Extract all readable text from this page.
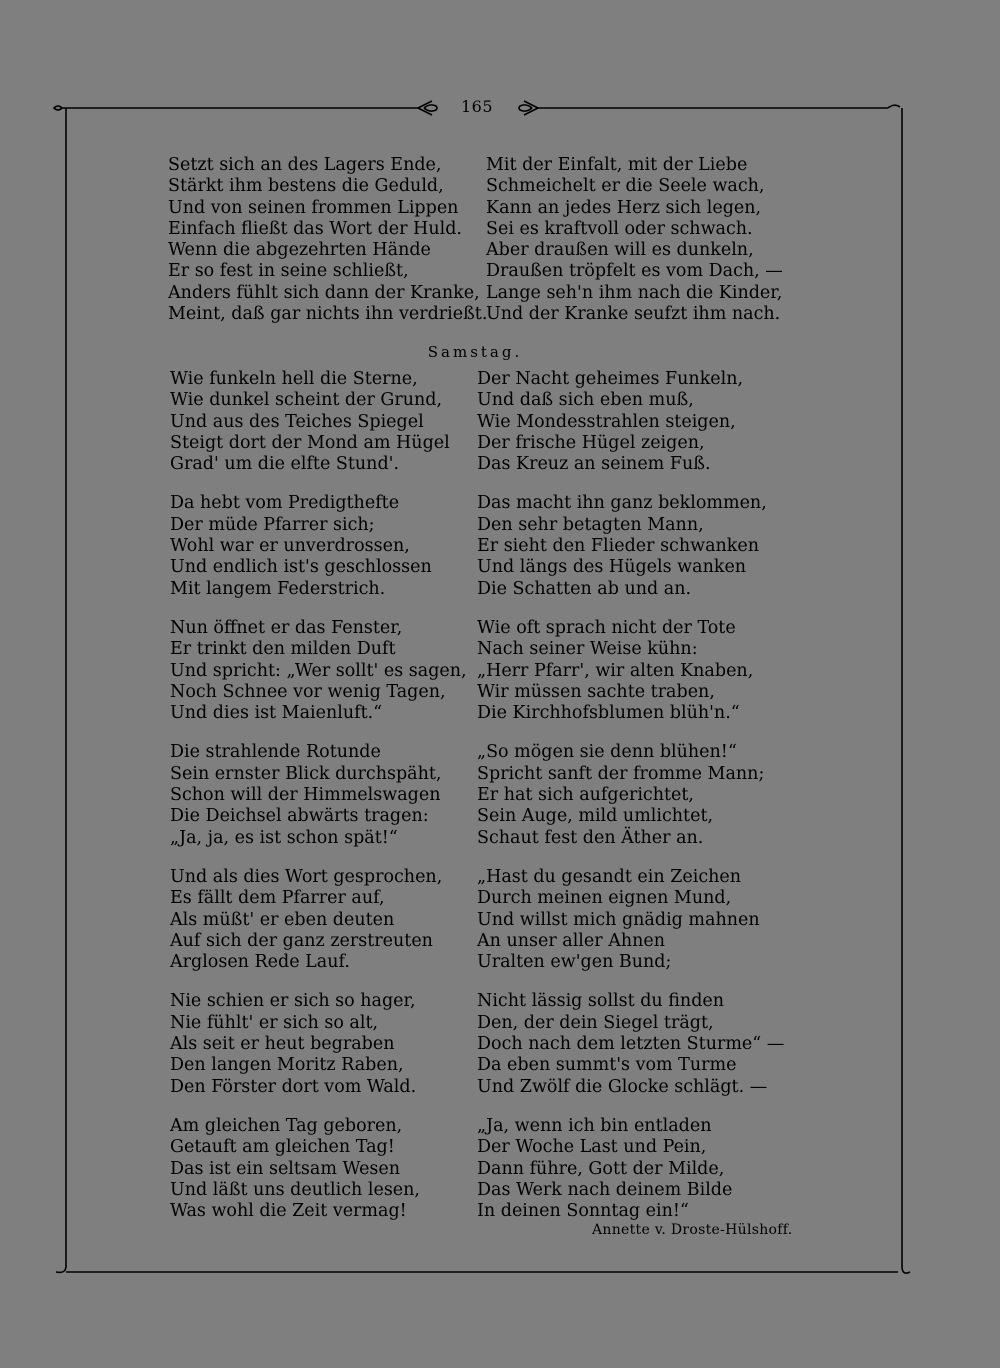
165
Setzt sich an des Lagers Ende,
Stärkt ihm bestens die Geduld,
Und von seinen frommen Lippen
Einfach fließt das Wort der Huld.
Wenn die abgezehrten Hände
Er so fest in seine schließt,
Anders fühlt sich dann der Kranke,
Meint, daß gar nichts ihn verdrießt.
Mit der Einfalt, mit der Liebe
Schmeichelt er die Seele wach,
Kann an jedes Herz sich legen,
Sei es kraftvoll oder schwach.
Aber draußen will es dunkeln,
Draußen tröpfelt es vom Dach, —
Lange seh'n ihm nach die Kinder,
Und der Kranke seufzt ihm nach.
Samstag.
Wie funkeln hell die Sterne,
Wie dunkel scheint der Grund,
Und aus des Teiches Spiegel
Steigt dort der Mond am Hügel
Grad' um die elfte Stund'.
Da hebt vom Predigthefte
Der müde Pfarrer sich;
Wohl war er unverdrossen,
Und endlich ist's geschlossen
Mit langem Federstrich.
Nun öffnet er das Fenster,
Er trinkt den milden Duft
Und spricht: „Wer sollt' es sagen,
Noch Schnee vor wenig Tagen,
Und dies ist Maienluft.“
Die strahlende Rotunde
Sein ernster Blick durchspäht,
Schon will der Himmelswagen
Die Deichsel abwärts tragen:
„Ja, ja, es ist schon spät!“
Und als dies Wort gesprochen,
Es fällt dem Pfarrer auf,
Als müßt' er eben deuten
Auf sich der ganz zerstreuten
Arglosen Rede Lauf.
Nie schien er sich so hager,
Nie fühlt' er sich so alt,
Als seit er heut begraben
Den langen Moritz Raben,
Den Förster dort vom Wald.
Am gleichen Tag geboren,
Getauft am gleichen Tag!
Das ist ein seltsam Wesen
Und läßt uns deutlich lesen,
Was wohl die Zeit vermag!
Der Nacht geheimes Funkeln,
Und daß sich eben muß,
Wie Mondesstrahlen steigen,
Der frische Hügel zeigen,
Das Kreuz an seinem Fuß.
Das macht ihn ganz beklommen,
Den sehr betagten Mann,
Er sieht den Flieder schwanken
Und längs des Hügels wanken
Die Schatten ab und an.
Wie oft sprach nicht der Tote
Nach seiner Weise kühn:
„Herr Pfarr', wir alten Knaben,
Wir müssen sachte traben,
Die Kirchhofsblumen blüh'n.“
„So mögen sie denn blühen!“
Spricht sanft der fromme Mann;
Er hat sich aufgerichtet,
Sein Auge, mild umlichtet,
Schaut fest den Äther an.
„Hast du gesandt ein Zeichen
Durch meinen eignen Mund,
Und willst mich gnädig mahnen
An unser aller Ahnen
Uralten ew'gen Bund;
Nicht lässig sollst du finden
Den, der dein Siegel trägt,
Doch nach dem letzten Sturme“ —
Da eben summt's vom Turme
Und Zwölf die Glocke schlägt. —
„Ja, wenn ich bin entladen
Der Woche Last und Pein,
Dann führe, Gott der Milde,
Das Werk nach deinem Bilde
In deinen Sonntag ein!“
Annette v. Droste-Hülshoff.
